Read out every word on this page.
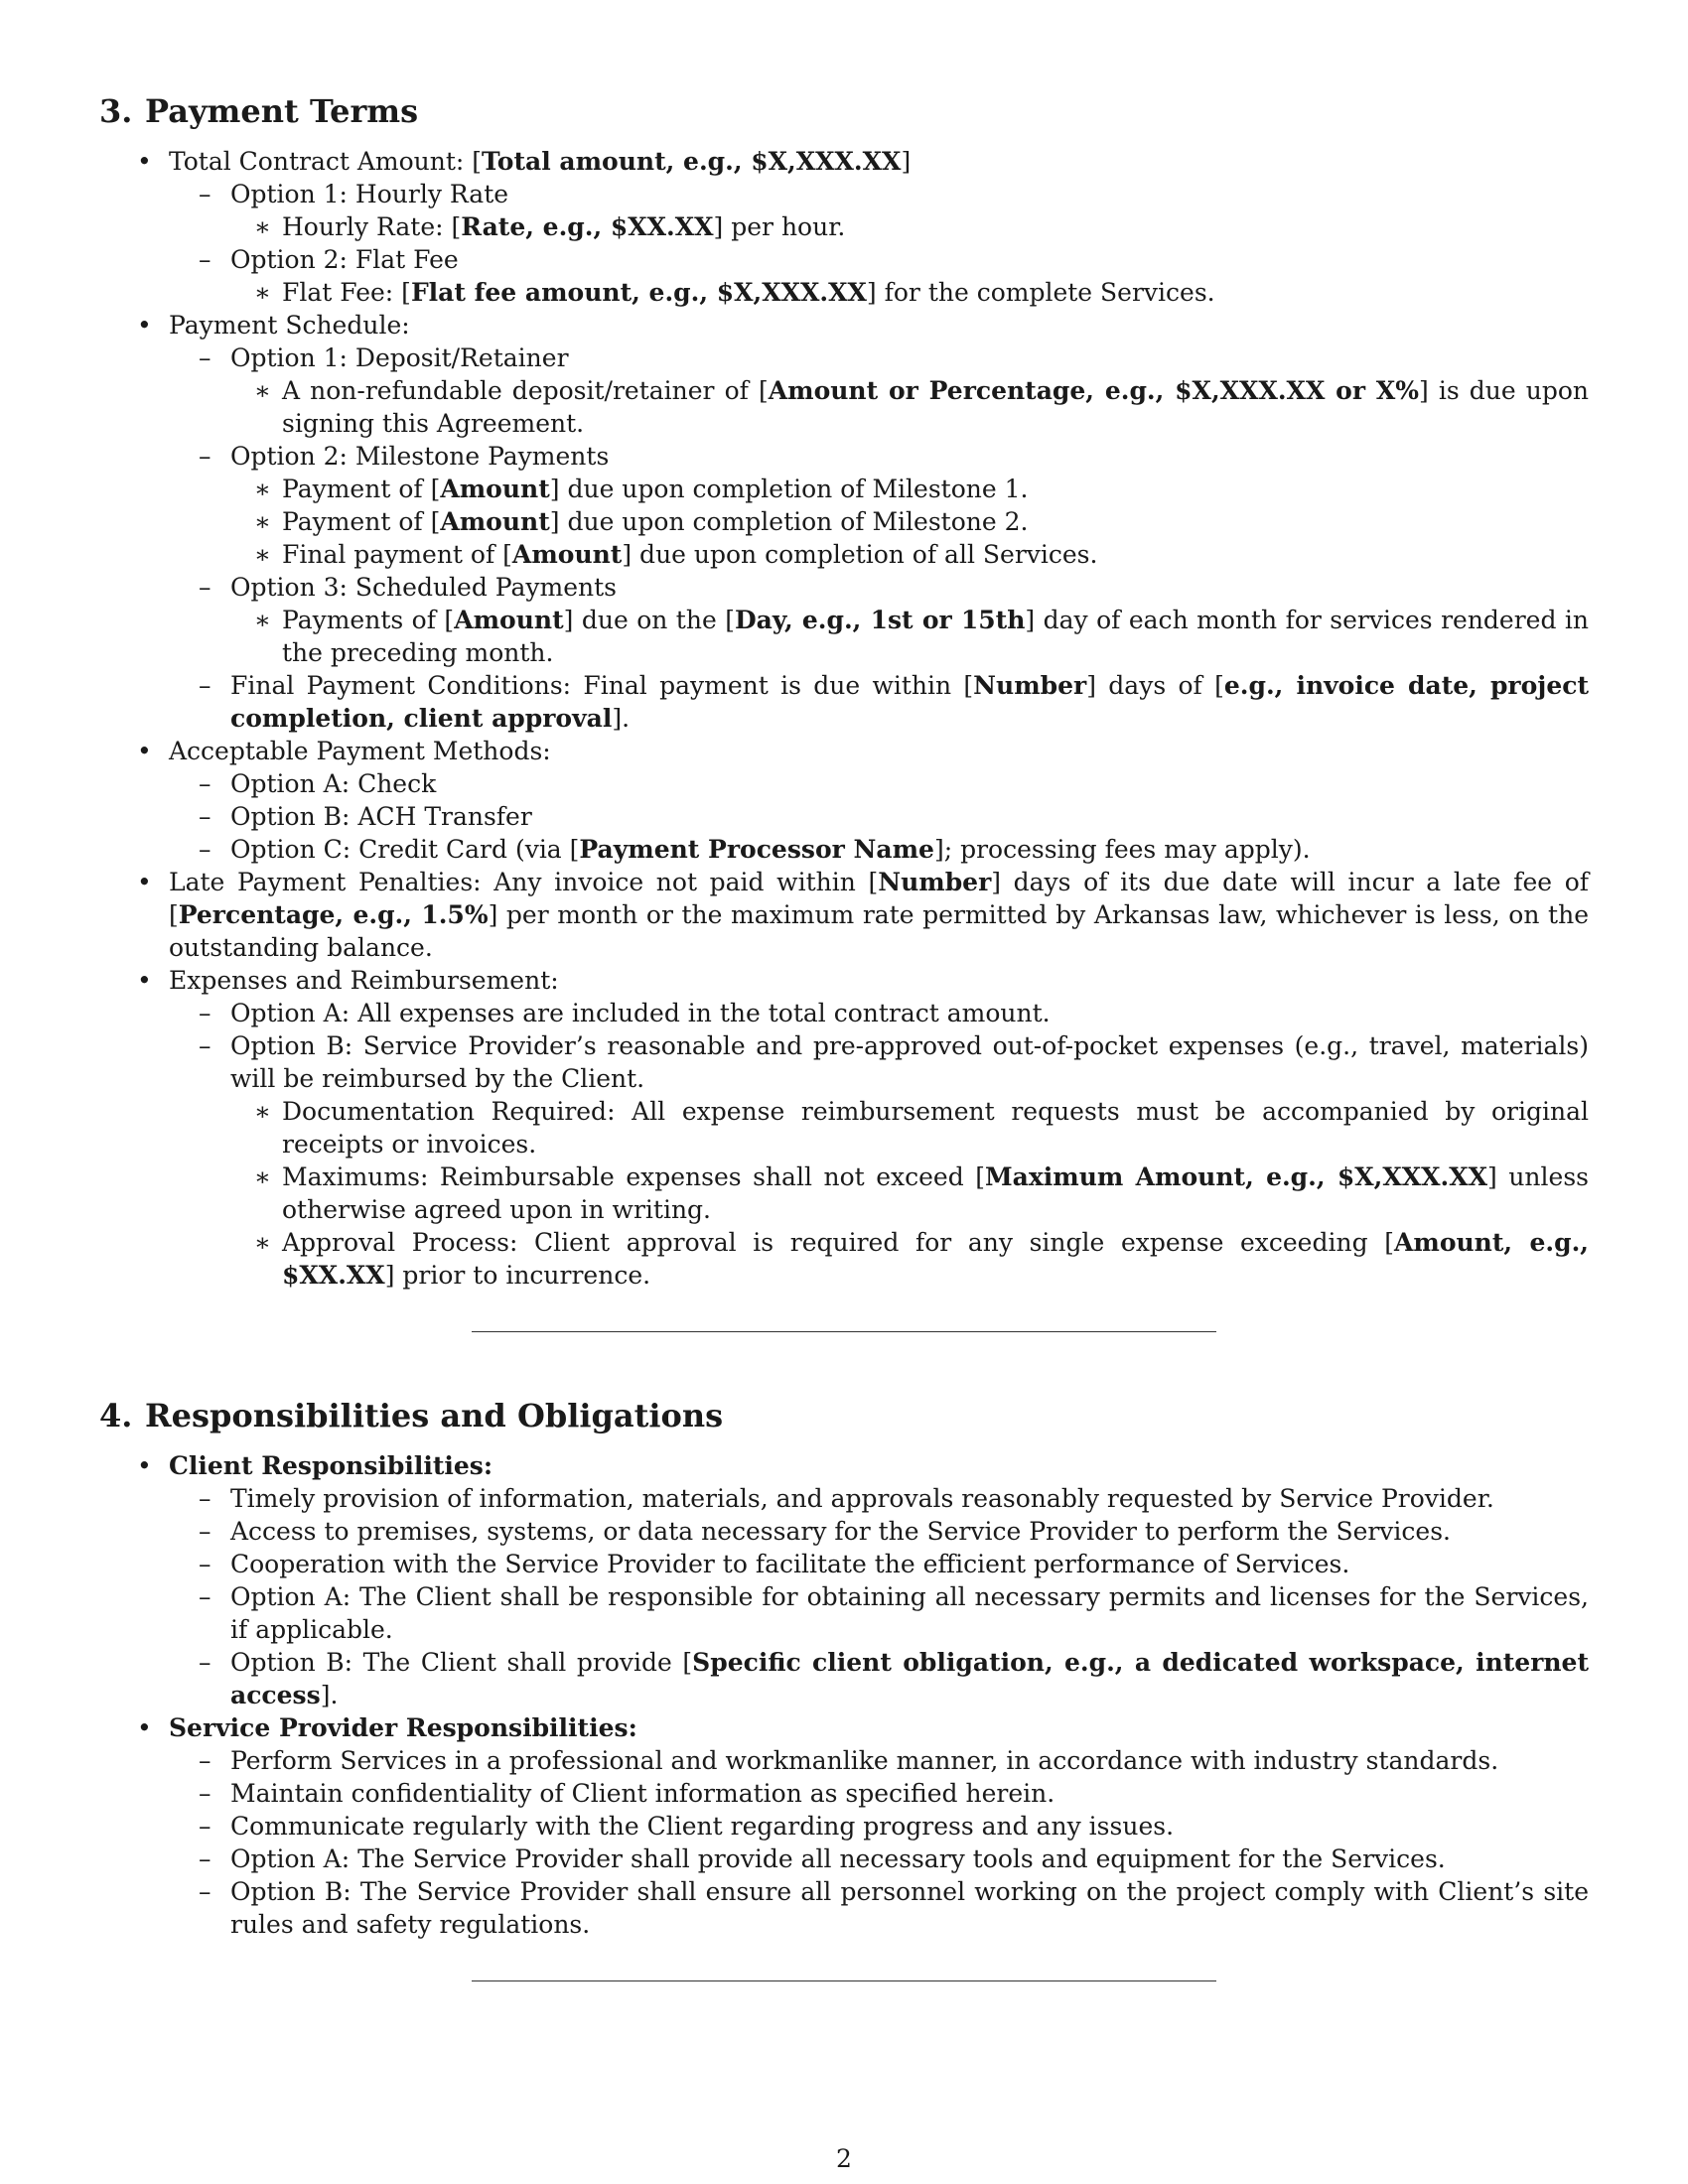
3. Payment Terms
• Total Contract Amount: [Total amount, e.g., $X,XXX.XX]
– Option 1: Hourly Rate
∗ Hourly Rate: [Rate, e.g., $XX.XX] per hour.
– Option 2: Flat Fee
∗ Flat Fee: [Flat fee amount, e.g., $X,XXX.XX] for the complete Services.
• Payment Schedule:
– Option 1: Deposit/Retainer
∗ A non-refundable deposit/retainer of [Amount or Percentage, e.g., $X,XXX.XX or X%] is due upon signing this Agreement.
– Option 2: Milestone Payments
∗ Payment of [Amount] due upon completion of Milestone 1.
∗ Payment of [Amount] due upon completion of Milestone 2.
∗ Final payment of [Amount] due upon completion of all Services.
– Option 3: Scheduled Payments
∗ Payments of [Amount] due on the [Day, e.g., 1st or 15th] day of each month for services rendered in the preceding month.
– Final Payment Conditions: Final payment is due within [Number] days of [e.g., invoice date, project completion, client approval].
• Acceptable Payment Methods:
– Option A: Check
– Option B: ACH Transfer
– Option C: Credit Card (via [Payment Processor Name]; processing fees may apply).
• Late Payment Penalties: Any invoice not paid within [Number] days of its due date will incur a late fee of [Percentage, e.g., 1.5%] per month or the maximum rate permitted by Arkansas law, whichever is less, on the outstanding balance.
• Expenses and Reimbursement:
– Option A: All expenses are included in the total contract amount.
– Option B: Service Provider’s reasonable and pre-approved out-of-pocket expenses (e.g., travel, materials) will be reimbursed by the Client.
∗ Documentation Required: All expense reimbursement requests must be accompanied by original receipts or invoices.
∗ Maximums: Reimbursable expenses shall not exceed [Maximum Amount, e.g., $X,XXX.XX] unless otherwise agreed upon in writing.
∗ Approval Process: Client approval is required for any single expense exceeding [Amount, e.g., $XX.XX] prior to incurrence.
4. Responsibilities and Obligations
• Client Responsibilities:
– Timely provision of information, materials, and approvals reasonably requested by Service Provider.
– Access to premises, systems, or data necessary for the Service Provider to perform the Services.
– Cooperation with the Service Provider to facilitate the efficient performance of Services.
– Option A: The Client shall be responsible for obtaining all necessary permits and licenses for the Services, if applicable.
– Option B: The Client shall provide [Specific client obligation, e.g., a dedicated workspace, internet access].
• Service Provider Responsibilities:
– Perform Services in a professional and workmanlike manner, in accordance with industry standards.
– Maintain confidentiality of Client information as specified herein.
– Communicate regularly with the Client regarding progress and any issues.
– Option A: The Service Provider shall provide all necessary tools and equipment for the Services.
– Option B: The Service Provider shall ensure all personnel working on the project comply with Client’s site rules and safety regulations.
2
